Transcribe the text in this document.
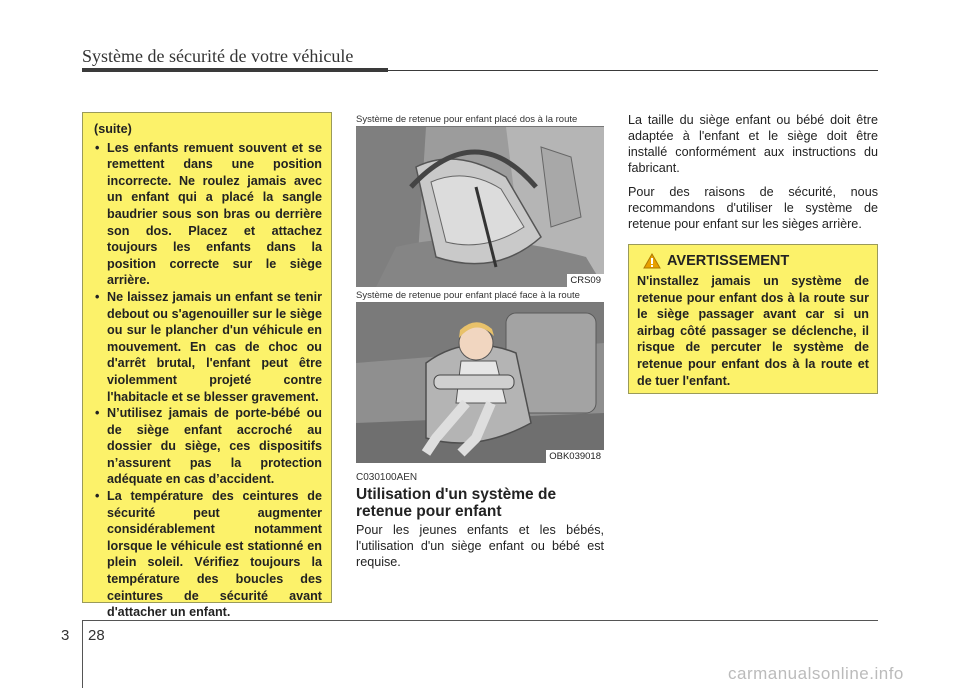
Système de sécurité de votre véhicule
(suite)
• Les enfants remuent souvent et se remettent dans une position incorrecte. Ne roulez jamais avec un enfant qui a placé la sangle baudrier sous son bras ou derrière son dos. Placez et attachez toujours les enfants dans la position correcte sur le siège arrière.
• Ne laissez jamais un enfant se tenir debout ou s'agenouiller sur le siège ou sur le plancher d'un véhicule en mouvement. En cas de choc ou d'arrêt brutal, l'enfant peut être violemment projeté contre l'habitacle et se blesser gravement.
• N’utilisez jamais de porte-bébé ou de siège enfant accroché au dossier du siège, ces dispositifs n’assurent pas la protection adéquate en cas d’accident.
• La température des ceintures de sécurité peut augmenter considérablement notamment lorsque le véhicule est stationné en plein soleil. Vérifiez toujours la température des boucles des ceintures de sécurité avant d'attacher un enfant.
Système de retenue pour enfant placé dos à la route
CRS09
Système de retenue pour enfant placé face à la route
OBK039018
C030100AEN
Utilisation d'un système de retenue pour enfant
Pour les jeunes enfants et les bébés, l'utilisation d'un siège enfant ou bébé est requise.

La taille du siège enfant ou bébé doit être adaptée à l'enfant et le siège doit être installé conformément aux instructions du fabricant.

Pour des raisons de sécurité, nous recommandons d'utiliser le système de retenue pour enfant sur les sièges arrière.

AVERTISSEMENT
N'installez jamais un système de retenue pour enfant dos à la route sur le siège passager avant car si un airbag côté passager se déclenche, il risque de percuter le système de retenue pour enfant dos à la route et de tuer l'enfant.
3 28
carmanualsonline.info
